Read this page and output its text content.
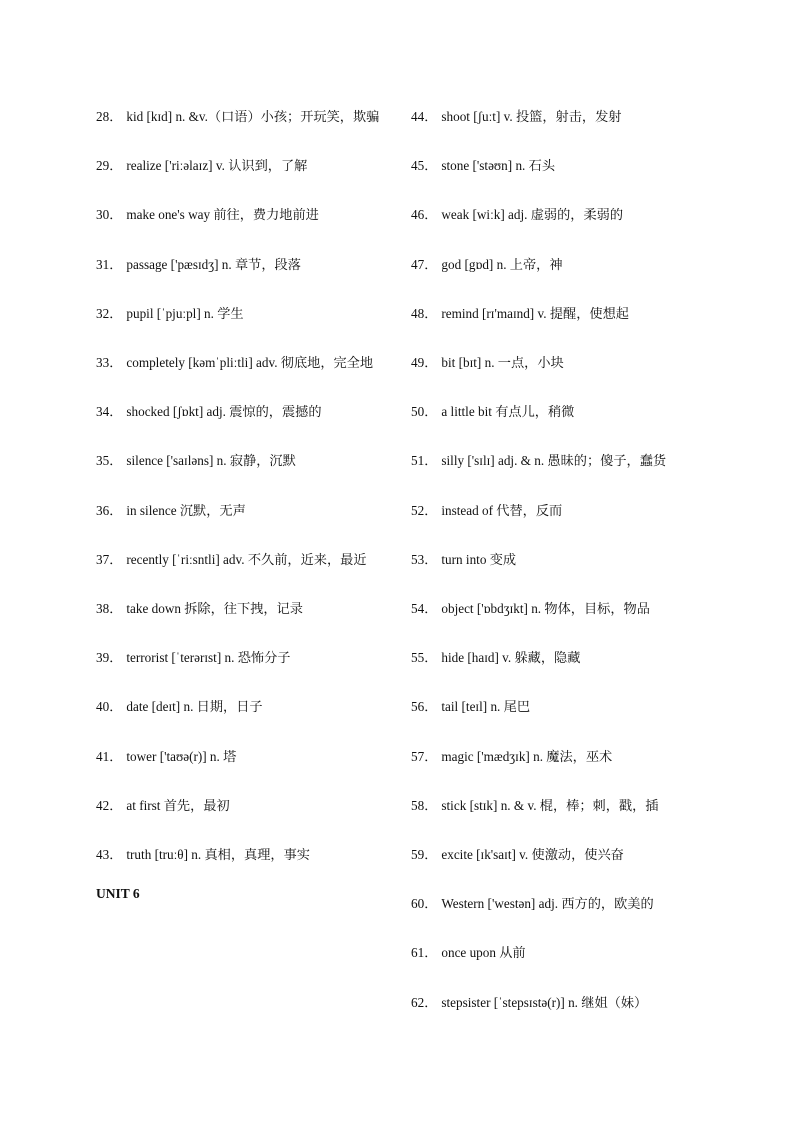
28． kid [kɪd] n. &v.（口语）小孩；开玩笑，欺骗
29． realize ['riːəlaɪz] v. 认识到，了解
30． make one's way 前往，费力地前进
31． passage ['pæsɪdʒ] n. 章节，段落
32． pupil [ˈpjuːpl] n. 学生
33． completely [kəmˈpliːtli] adv. 彻底地，完全地
34． shocked [ʃɒkt] adj. 震惊的，震撼的
35． silence ['saɪləns] n. 寂静，沉默
36． in silence 沉默，无声
37． recently [ˈriːsntli] adv. 不久前，近来，最近
38． take down 拆除，往下拽，记录
39． terrorist [ˈterərɪst] n. 恐怖分子
40． date [deɪt] n. 日期，日子
41． tower ['taʊə(r)] n. 塔
42． at first 首先，最初
43． truth [truːθ] n. 真相，真理，事实
UNIT 6
44． shoot [ʃuːt] v. 投篮，射击，发射
45． stone ['stəʊn] n. 石头
46． weak [wiːk] adj. 虚弱的，柔弱的
47． god [gɒd] n. 上帝，神
48． remind [rɪ'maɪnd] v. 提醒，使想起
49． bit [bɪt] n. 一点，小块
50． a little bit 有点儿，稍微
51． silly ['sɪlɪ] adj. & n. 愚昧的；傻子，蠢货
52． instead of 代替，反而
53． turn into 变成
54． object ['ɒbdʒɪkt] n. 物体，目标，物品
55． hide [haɪd] v. 躲藏，隐藏
56． tail [teɪl] n. 尾巴
57． magic ['mædʒɪk] n. 魔法，巫术
58． stick [stɪk] n. & v. 棍，棒；刺，戳，插
59． excite [ɪk'saɪt] v. 使激动，使兴奋
60． Western ['westən] adj. 西方的，欧美的
61． once upon 从前
62． stepsister [ˈstepsɪstə(r)] n. 继姐（妹）
